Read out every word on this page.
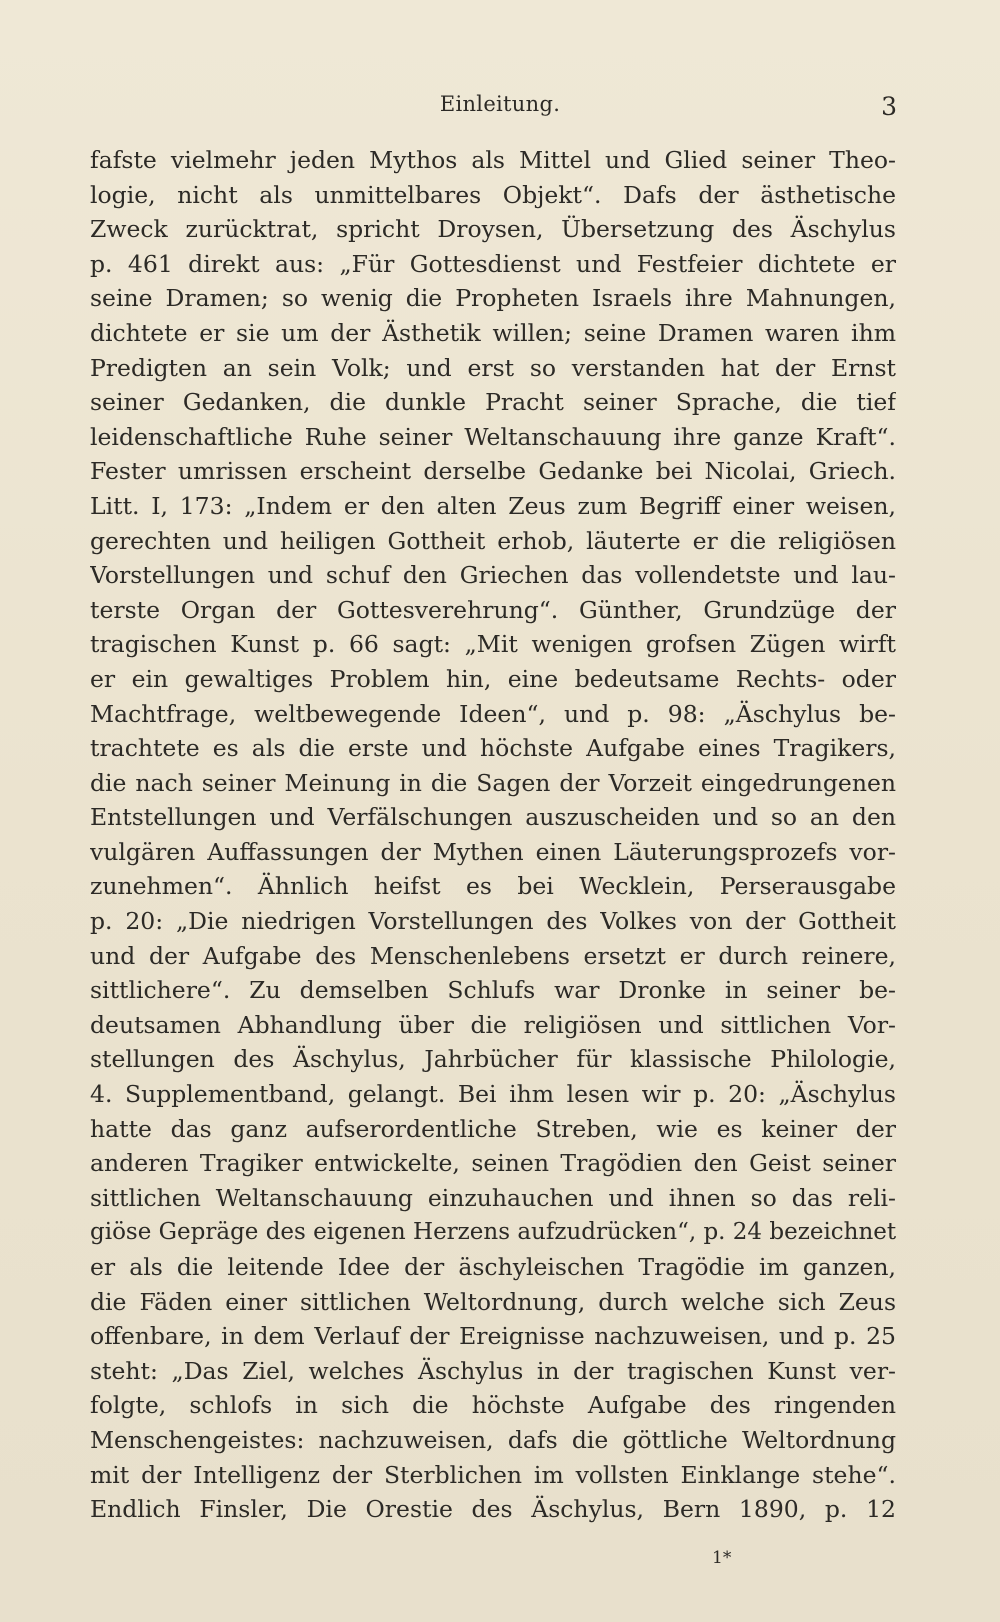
Einleitung.	3
fafste vielmehr jeden Mythos als Mittel und Glied seiner Theo-
logie, nicht als unmittelbares Objekt“. Dafs der ästhetische
Zweck zurücktrat, spricht Droysen, Übersetzung des Äschylus
p. 461 direkt aus: „Für Gottesdienst und Festfeier dichtete er
seine Dramen; so wenig die Propheten Israels ihre Mahnungen,
dichtete er sie um der Ästhetik willen; seine Dramen waren ihm
Predigten an sein Volk; und erst so verstanden hat der Ernst
seiner Gedanken, die dunkle Pracht seiner Sprache, die tief
leidenschaftliche Ruhe seiner Weltanschauung ihre ganze Kraft“.
Fester umrissen erscheint derselbe Gedanke bei Nicolai, Griech.
Litt. I, 173: „Indem er den alten Zeus zum Begriff einer weisen,
gerechten und heiligen Gottheit erhob, läuterte er die religiösen
Vorstellungen und schuf den Griechen das vollendetste und lau-
terste Organ der Gottesverehrung“. Günther, Grundzüge der
tragischen Kunst p. 66 sagt: „Mit wenigen grofsen Zügen wirft
er ein gewaltiges Problem hin, eine bedeutsame Rechts- oder
Machtfrage, weltbewegende Ideen“, und p. 98: „Äschylus be-
trachtete es als die erste und höchste Aufgabe eines Tragikers,
die nach seiner Meinung in die Sagen der Vorzeit eingedrungenen
Entstellungen und Verfälschungen auszuscheiden und so an den
vulgären Auffassungen der Mythen einen Läuterungsprozefs vor-
zunehmen“. Ähnlich heifst es bei Wecklein, Perserausgabe
p. 20: „Die niedrigen Vorstellungen des Volkes von der Gottheit
und der Aufgabe des Menschenlebens ersetzt er durch reinere,
sittlichere“. Zu demselben Schlufs war Dronke in seiner be-
deutsamen Abhandlung über die religiösen und sittlichen Vor-
stellungen des Äschylus, Jahrbücher für klassische Philologie,
4. Supplementband, gelangt. Bei ihm lesen wir p. 20: „Äschylus
hatte das ganz aufserordentliche Streben, wie es keiner der
anderen Tragiker entwickelte, seinen Tragödien den Geist seiner
sittlichen Weltanschauung einzuhauchen und ihnen so das reli-
giöse Gepräge des eigenen Herzens aufzudrücken“, p. 24 bezeichnet
er als die leitende Idee der äschyleischen Tragödie im ganzen,
die Fäden einer sittlichen Weltordnung, durch welche sich Zeus
offenbare, in dem Verlauf der Ereignisse nachzuweisen, und p. 25
steht: „Das Ziel, welches Äschylus in der tragischen Kunst ver-
folgte, schlofs in sich die höchste Aufgabe des ringenden
Menschengeistes: nachzuweisen, dafs die göttliche Weltordnung
mit der Intelligenz der Sterblichen im vollsten Einklange stehe“.
Endlich Finsler, Die Orestie des Äschylus, Bern 1890, p. 12
1*
